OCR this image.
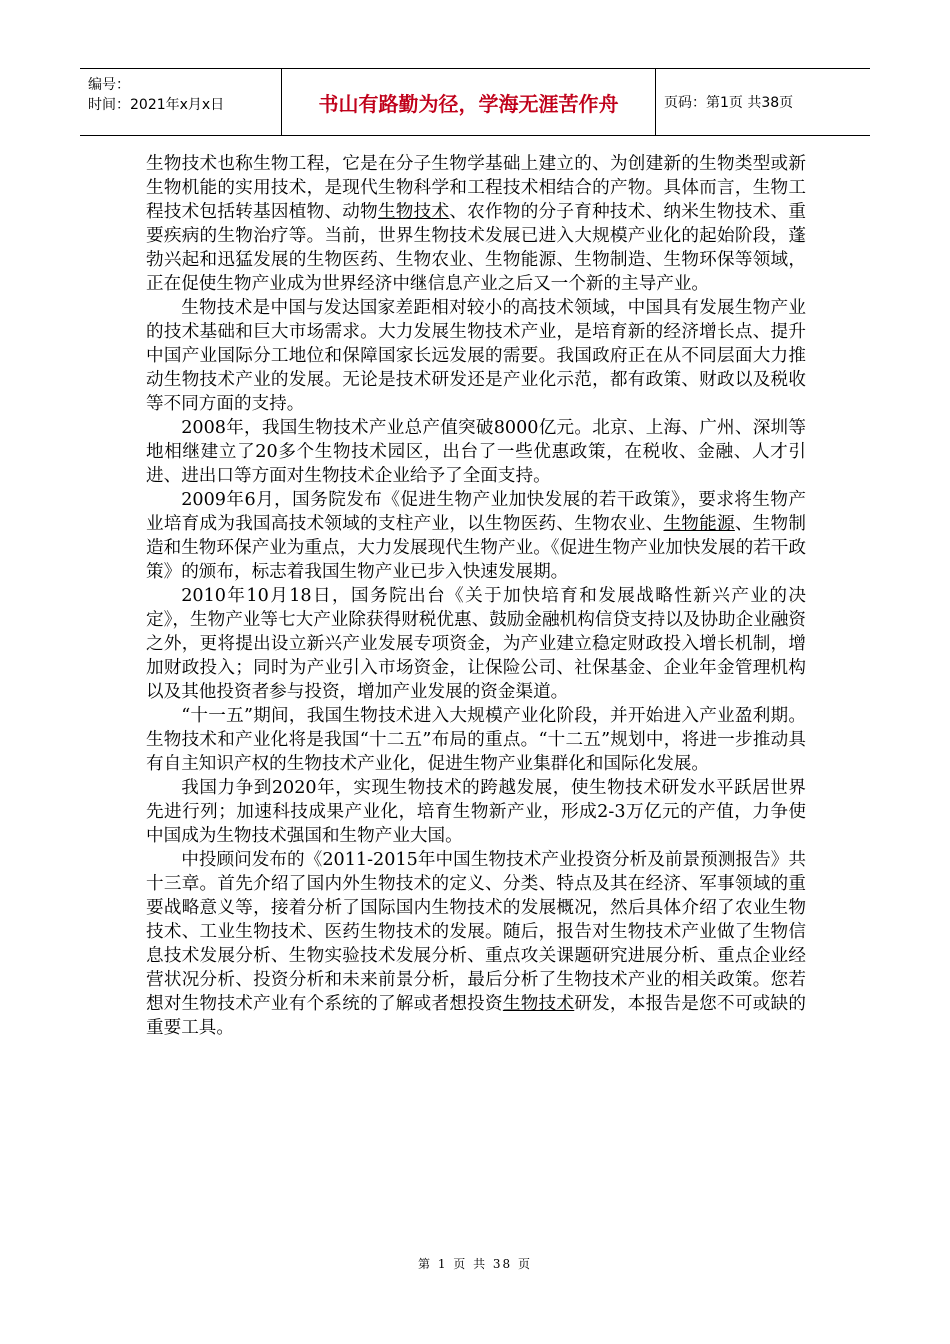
编号：
时间：2021年x月x日	书山有路勤为径，学海无涯苦作舟	页码：第1页 共38页

生物技术也称生物工程，它是在分子生物学基础上建立的、为创建新的生物类型或新生物机能的实用技术，是现代生物科学和工程技术相结合的产物。具体而言，生物工程技术包括转基因植物、动物生物技术、农作物的分子育种技术、纳米生物技术、重要疾病的生物治疗等。当前，世界生物技术发展已进入大规模产业化的起始阶段，蓬勃兴起和迅猛发展的生物医药、生物农业、生物能源、生物制造、生物环保等领域，正在促使生物产业成为世界经济中继信息产业之后又一个新的主导产业。

生物技术是中国与发达国家差距相对较小的高技术领域，中国具有发展生物产业的技术基础和巨大市场需求。大力发展生物技术产业，是培育新的经济增长点、提升中国产业国际分工地位和保障国家长远发展的需要。我国政府正在从不同层面大力推动生物技术产业的发展。无论是技术研发还是产业化示范，都有政策、财政以及税收等不同方面的支持。

2008年，我国生物技术产业总产值突破8000亿元。北京、上海、广州、深圳等地相继建立了20多个生物技术园区，出台了一些优惠政策，在税收、金融、人才引进、进出口等方面对生物技术企业给予了全面支持。

2009年6月，国务院发布《促进生物产业加快发展的若干政策》，要求将生物产业培育成为我国高技术领域的支柱产业，以生物医药、生物农业、生物能源、生物制造和生物环保产业为重点，大力发展现代生物产业。《促进生物产业加快发展的若干政策》的颁布，标志着我国生物产业已步入快速发展期。

2010年10月18日，国务院出台《关于加快培育和发展战略性新兴产业的决定》，生物产业等七大产业除获得财税优惠、鼓励金融机构信贷支持以及协助企业融资之外，更将提出设立新兴产业发展专项资金，为产业建立稳定财政投入增长机制，增加财政投入；同时为产业引入市场资金，让保险公司、社保基金、企业年金管理机构以及其他投资者参与投资，增加产业发展的资金渠道。

“十一五”期间，我国生物技术进入大规模产业化阶段，并开始进入产业盈利期。生物技术和产业化将是我国“十二五”布局的重点。“十二五”规划中，将进一步推动具有自主知识产权的生物技术产业化，促进生物产业集群化和国际化发展。

我国力争到2020年，实现生物技术的跨越发展，使生物技术研发水平跃居世界先进行列；加速科技成果产业化，培育生物新产业，形成2-3万亿元的产值，力争使中国成为生物技术强国和生物产业大国。

中投顾问发布的《2011-2015年中国生物技术产业投资分析及前景预测报告》共十三章。首先介绍了国内外生物技术的定义、分类、特点及其在经济、军事领域的重要战略意义等，接着分析了国际国内生物技术的发展概况，然后具体介绍了农业生物技术、工业生物技术、医药生物技术的发展。随后，报告对生物技术产业做了生物信息技术发展分析、生物实验技术发展分析、重点攻关课题研究进展分析、重点企业经营状况分析、投资分析和未来前景分析，最后分析了生物技术产业的相关政策。您若想对生物技术产业有个系统的了解或者想投资生物技术研发，本报告是您不可或缺的重要工具。

第 1 页 共 38 页
